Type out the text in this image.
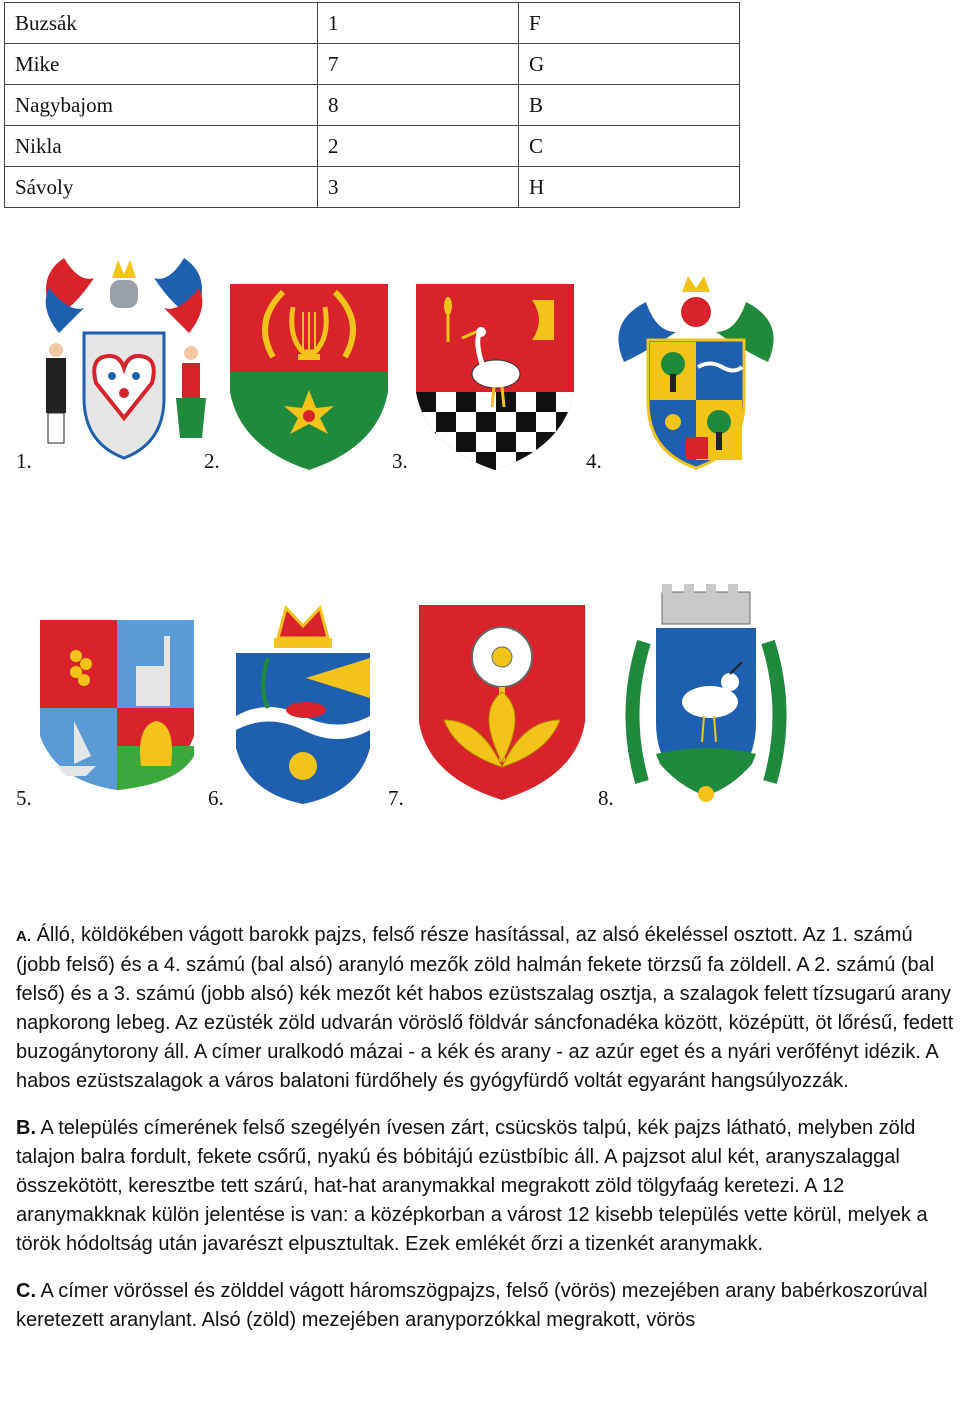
Buzsák	1	F
Mike	7	G
Nagybajom	8	B
Nikla	2	C
Sávoly	3	H
1.	2.	3.	4.
5.	6.	7.	8.

A. Álló, köldökében vágott barokk pajzs, felső része hasítással, az alsó ékeléssel osztott. Az 1. számú (jobb felső) és a 4. számú (bal alsó) aranyló mezők zöld halmán fekete törzsű fa zöldell. A 2. számú (bal felső) és a 3. számú (jobb alsó) kék mezőt két habos ezüstszalag osztja, a szalagok felett tízsugarú arany napkorong lebeg. Az ezüsték zöld udvarán vöröslő földvár sáncfonadéka között, középütt, öt lőrésű, fedett buzogánytorony áll. A címer uralkodó mázai - a kék és arany - az azúr eget és a nyári verőfényt idézik. A habos ezüstszalagok a város balatoni fürdőhely és gyógyfürdő voltát egyaránt hangsúlyozzák.

B. A település címerének felső szegélyén ívesen zárt, csücskös talpú, kék pajzs látható, melyben zöld talajon balra fordult, fekete csőrű, nyakú és bóbitájú ezüstbíbic áll. A pajzsot alul két, aranyszalaggal összekötött, keresztbe tett szárú, hat-hat aranymakkal megrakott zöld tölgyfaág keretezi. A 12 aranymakknak külön jelentése is van: a középkorban a várost 12 kisebb település vette körül, melyek a török hódoltság után javarészt elpusztultak. Ezek emlékét őrzi a tizenkét aranymakk.

C. A címer vörössel és zölddel vágott háromszögpajzs, felső (vörös) mezejében arany babérkoszorúval keretezett aranylant. Alsó (zöld) mezejében aranyporzókkal megrakott, vörös
